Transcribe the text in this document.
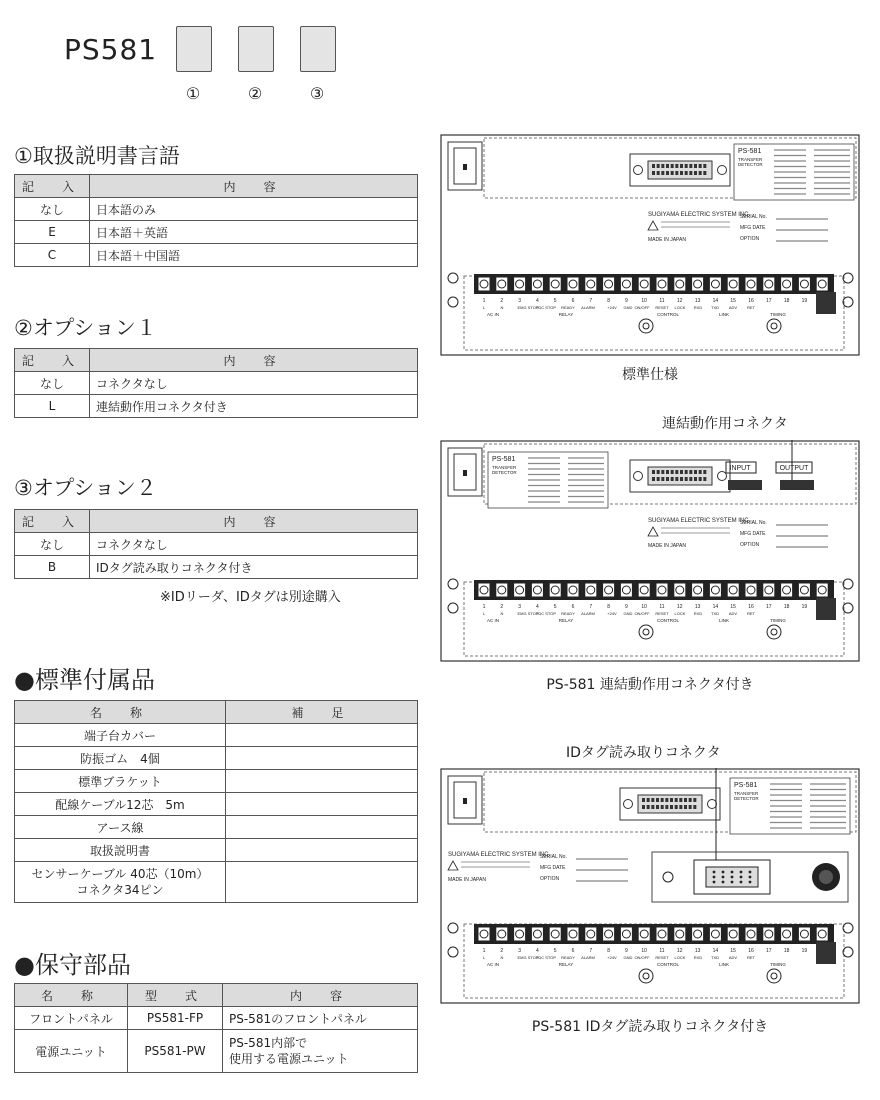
PS581
①	②	③
①取扱説明書言語
記　入	内　容
なし	日本語のみ
E	日本語＋英語
C	日本語＋中国語
②オプション１
記　入	内　容
なし	コネクタなし
L	連結動作用コネクタ付き
③オプション２
記　入	内　容
なし	コネクタなし
B	IDタグ読み取りコネクタ付き
※IDリーダ、IDタグは別途購入
●標準付属品
名　称	補　足
端子台カバー	
防振ゴム　4個	
標準ブラケット	
配線ケーブル12芯　5m	
アース線	
取扱説明書	
センサーケーブル 40芯（10m）
コネクタ34ピン	
●保守部品
名　称	型　式	内　容
フロントパネル	PS581-FP	PS-581のフロントパネル
電源ユニット	PS581-PW	PS-581内部で
使用する電源ユニット
PS-581
TRANSFER
DETECTOR
SUGIYAMA ELECTRIC SYSTEM INC.
MADE IN JAPAN
SERIAL No.
MFG DATE
OPTION
1	2	3	4	5	6	7	8	9	10 11 12 13 14 15 16 17 18 19
L	N	EMG STOP
TDC STOP READY ALARM	+24V GND ON/OFF RESET LOCK RXD TXD ADV RET
AC IN	RELAY	CONTROL	LINK	TIMING
標準仕様
連結動作用コネクタ
PS-581
TRANSFER
DETECTOR
INPUT	OUTPUT
SUGIYAMA ELECTRIC SYSTEM INC.
MADE IN JAPAN
SERIAL No.
MFG DATE
OPTION
1	2	3	4	5	6	7	8	9	10 11 12 13 14 15 16 17 18 19
L	N	EMG STOP
TDC STOP READY ALARM	+24V GND ON/OFF RESET LOCK RXD TXD ADV RET
AC IN	RELAY	CONTROL	LINK	TIMING
PS-581 連結動作用コネクタ付き
IDタグ読み取りコネクタ
PS-581
TRANSFER
DETECTOR
SUGIYAMA ELECTRIC SYSTEM INC.
MADE IN JAPAN
SERIAL No.
MFG DATE
OPTION
1	2	3	4	5	6	7	8	9	10 11 12 13 14 15 16 17 18 19
L	N	EMG STOP
TDC STOP READY ALARM	+24V GND ON/OFF RESET LOCK RXD TXD ADV RET
AC IN	RELAY	CONTROL	LINK	TIMING
PS-581 IDタグ読み取りコネクタ付き
